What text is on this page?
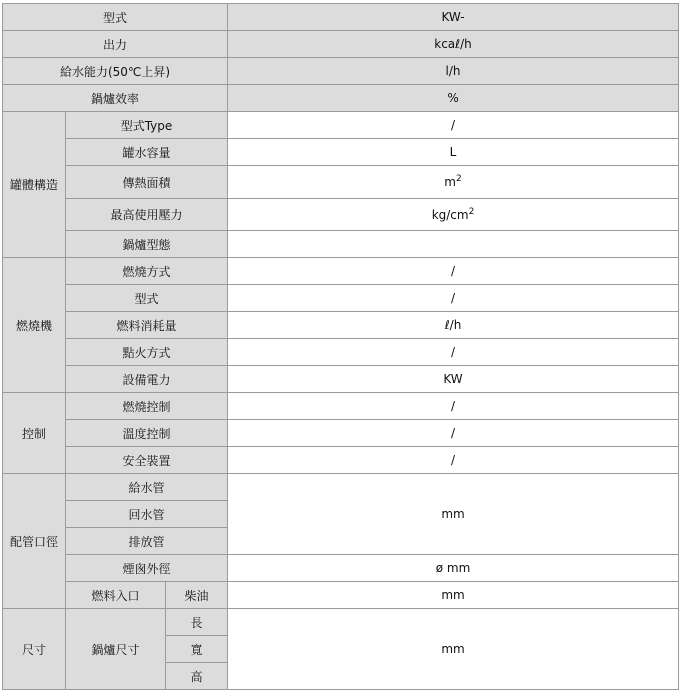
型式			KW-	
出力			kcaℓ/h	
給水能力(50℃上昇)			l/h	
鍋爐效率			%	
罐體構造	型式Type		/	
	罐水容量		L	
	傳熱面積		$m^2$	
	最高使用壓力		$kg/cm^2$	
	鍋爐型態		
燃燒機	燃燒方式		/	
	型式		/	
	燃料消耗量		ℓ/h	
	點火方式		/	
	設備電力		KW	
控制	燃燒控制		/	
	溫度控制		/	
	安全裝置		/	
配管口徑	給水管		mm	
	回水管	
	排放管	
	煙囪外徑		ø mm	
	燃料入口	柴油	mm	
尺寸	鍋爐尺寸	長	mm	
		寬	
		高	
